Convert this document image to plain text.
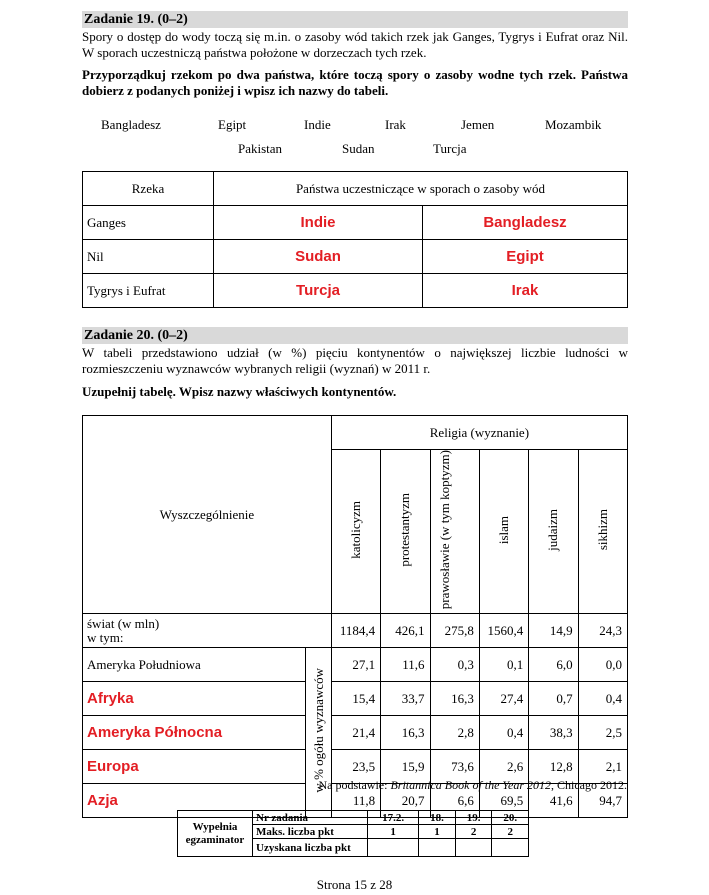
Zadanie 19. (0–2)
Spory o dostęp do wody toczą się m.in. o zasoby wód takich rzek jak Ganges, Tygrys i Eufrat oraz Nil. W sporach uczestniczą państwa położone w dorzeczach tych rzek.
Przyporządkuj rzekom po dwa państwa, które toczą spory o zasoby wodne tych rzek. Państwa dobierz z podanych poniżej i wpisz ich nazwy do tabeli.
Bangladesz	Egipt	Indie	Irak	Jemen	Mozambik
Pakistan	Sudan	Turcja
Rzeka	Państwa uczestniczące w sporach o zasoby wód	
Ganges	Indie	Bangladesz
Nil	Sudan	Egipt
Tygrys i Eufrat	Turcja	Irak
Zadanie 20. (0–2)
W tabeli przedstawiono udział (w %) pięciu kontynentów o największej liczbie ludności w rozmieszczeniu wyznawców wybranych religii (wyznań) w 2011 r.
Uzupełnij tabelę. Wpisz nazwy właściwych kontynentów.
Wyszczególnienie		Religia (wyznanie)					
		katolicyzm	protestantyzm	prawosławie (w tym koptyzm)	islam	judaizm	sikhizm

świat (w mln)
w tym:		1184,4	426,1	275,8	1560,4	14,9	24,3
Ameryka Południowa	w % ogółu wyznawców	27,1	11,6	0,3	0,1	6,0	0,0
Afryka		15,4	33,7	16,3	27,4	0,7	0,4
Ameryka Północna		21,4	16,3	2,8	0,4	38,3	2,5
Europa		23,5	15,9	73,6	2,6	12,8	2,1
Azja		11,8	20,7	6,6	69,5	41,6	94,7
Na podstawie: Britannica Book of the Year 2012, Chicago 2012.
Wypełnia
egzaminator	Nr zadania	17.2.	18.	19.	20.
	Maks. liczba pkt	1	1	2	2
	Uzyskana liczba pkt				
Strona 15 z 28
